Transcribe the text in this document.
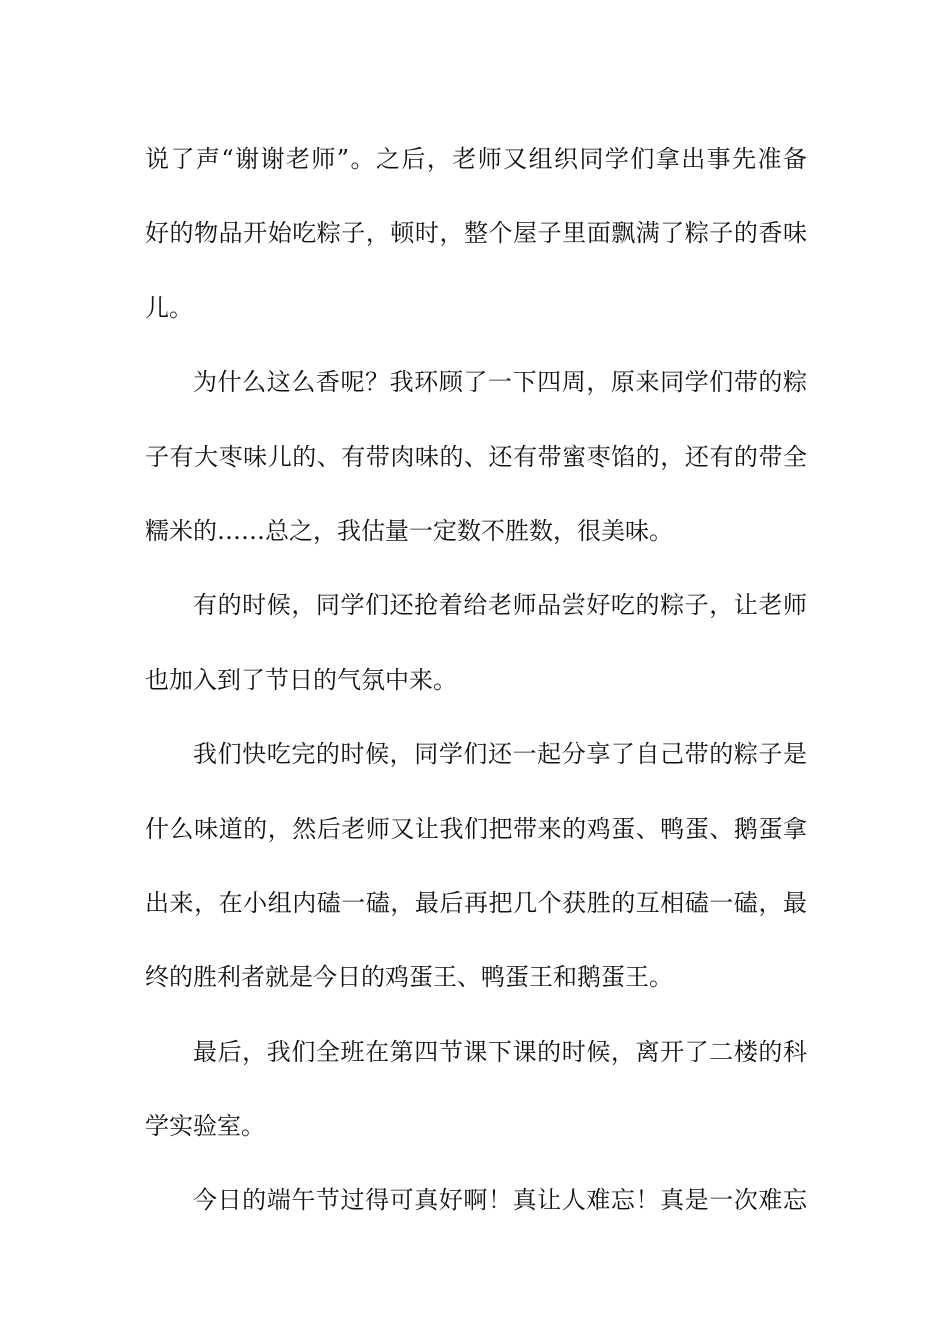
说了声“谢谢老师”。之后，老师又组织同学们拿出事先准备
好的物品开始吃粽子，顿时，整个屋子里面飘满了粽子的香味
儿。
为什么这么香呢？我环顾了一下四周，原来同学们带的粽
子有大枣味儿的、有带肉味的、还有带蜜枣馅的，还有的带全
糯米的……总之，我估量一定数不胜数，很美味。
有的时候，同学们还抢着给老师品尝好吃的粽子，让老师
也加入到了节日的气氛中来。
我们快吃完的时候，同学们还一起分享了自己带的粽子是
什么味道的，然后老师又让我们把带来的鸡蛋、鸭蛋、鹅蛋拿
出来，在小组内磕一磕，最后再把几个获胜的互相磕一磕，最
终的胜利者就是今日的鸡蛋王、鸭蛋王和鹅蛋王。
最后，我们全班在第四节课下课的时候，离开了二楼的科
学实验室。
今日的端午节过得可真好啊！真让人难忘！真是一次难忘
